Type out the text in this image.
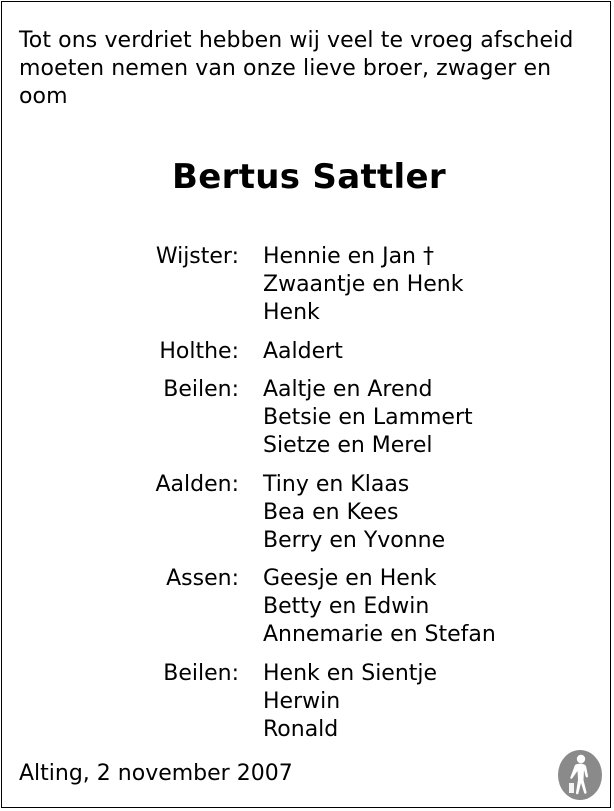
Tot ons verdriet hebben wij veel te vroeg afscheid
moeten nemen van onze lieve broer, zwager en
oom
Bertus Sattler
Wijster: Hennie en Jan †
Zwaantje en Henk
Henk
Holthe: Aaldert
Beilen: Aaltje en Arend
Betsie en Lammert
Sietze en Merel
Aalden: Tiny en Klaas
Bea en Kees
Berry en Yvonne
Assen: Geesje en Henk
Betty en Edwin
Annemarie en Stefan
Beilen: Henk en Sientje
Herwin
Ronald
Alting, 2 november 2007
